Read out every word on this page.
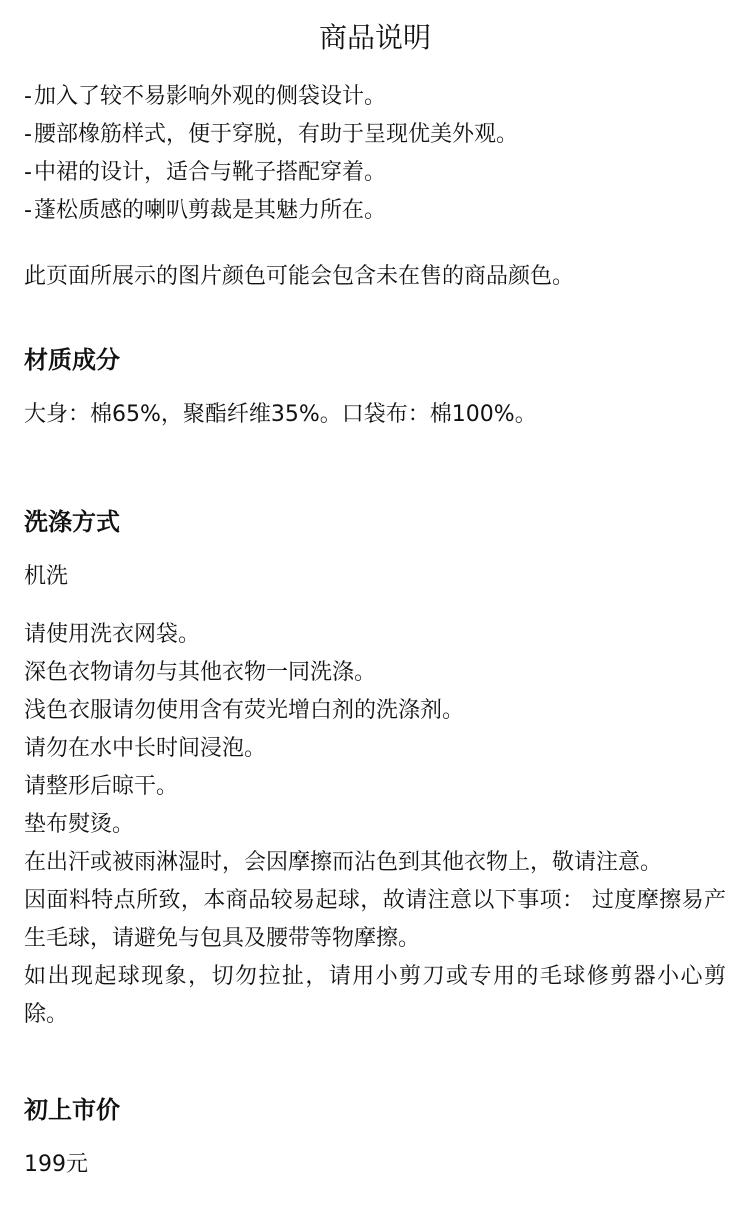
商品说明
-加入了较不易影响外观的侧袋设计。
-腰部橡筋样式，便于穿脱，有助于呈现优美外观。
-中裙的设计，适合与靴子搭配穿着。
-蓬松质感的喇叭剪裁是其魅力所在。
此页面所展示的图片颜色可能会包含未在售的商品颜色。
材质成分
大身：棉65%，聚酯纤维35%。口袋布：棉100%。
洗涤方式
机洗
请使用洗衣网袋。
深色衣物请勿与其他衣物一同洗涤。
浅色衣服请勿使用含有荧光增白剂的洗涤剂。
请勿在水中长时间浸泡。
请整形后晾干。
垫布熨烫。
在出汗或被雨淋湿时，会因摩擦而沾色到其他衣物上，敬请注意。
因面料特点所致，本商品较易起球，故请注意以下事项： 过度摩擦易产生毛球，请避免与包具及腰带等物摩擦。
如出现起球现象，切勿拉扯，请用小剪刀或专用的毛球修剪器小心剪除。
初上市价
199元
